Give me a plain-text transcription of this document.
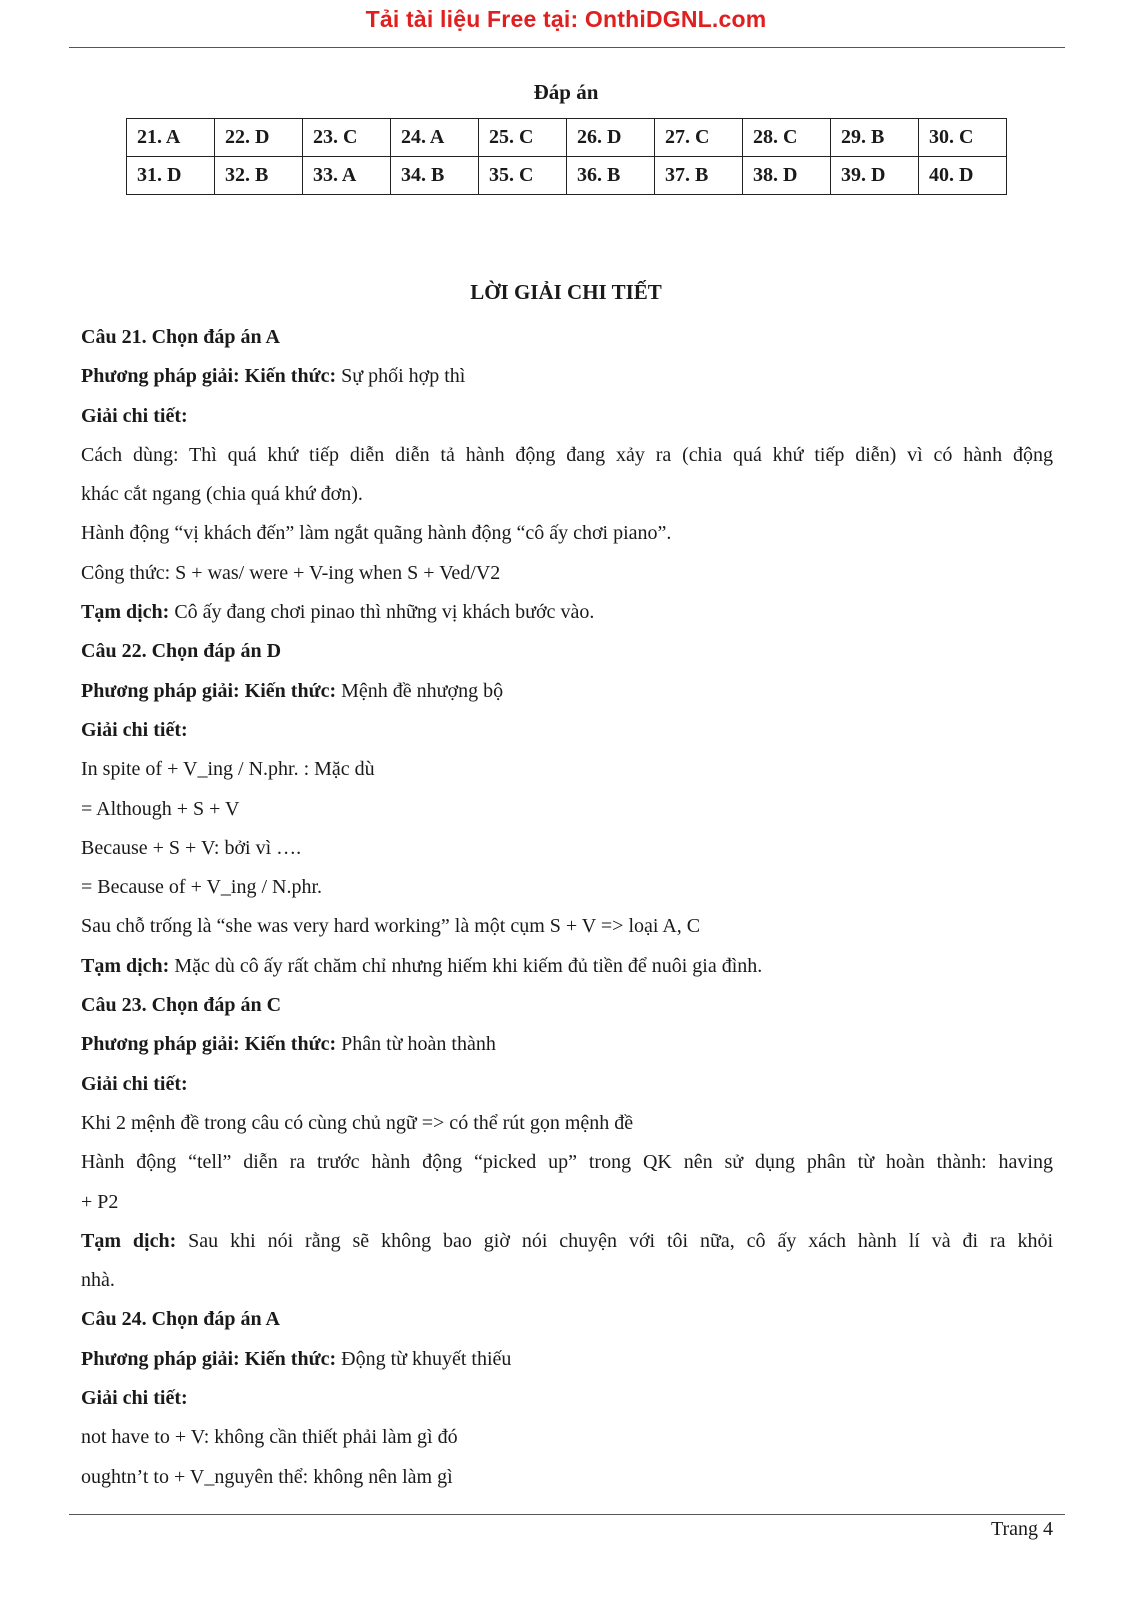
Tải tài liệu Free tại: OnthiDGNL.com
Đáp án
21. A	22. D	23. C	24. A	25. C	26. D	27. C	28. C	29. B	30. C
31. D	32. B	33. A	34. B	35. C	36. B	37. B	38. D	39. D	40. D
LỜI GIẢI CHI TIẾT
Câu 21. Chọn đáp án A
Phương pháp giải: Kiến thức: Sự phối hợp thì
Giải chi tiết:
Cách dùng: Thì quá khứ tiếp diễn diễn tả hành động đang xảy ra (chia quá khứ tiếp diễn) vì có hành động
khác cắt ngang (chia quá khứ đơn).
Hành động “vị khách đến” làm ngắt quãng hành động “cô ấy chơi piano”.
Công thức: S + was/ were + V-ing when S + Ved/V2
Tạm dịch: Cô ấy đang chơi pinao thì những vị khách bước vào.
Câu 22. Chọn đáp án D
Phương pháp giải: Kiến thức: Mệnh đề nhượng bộ
Giải chi tiết:
In spite of + V_ing / N.phr. : Mặc dù
= Although + S + V
Because + S + V: bởi vì ….
= Because of + V_ing / N.phr.
Sau chỗ trống là “she was very hard working” là một cụm S + V => loại A, C
Tạm dịch: Mặc dù cô ấy rất chăm chỉ nhưng hiếm khi kiếm đủ tiền để nuôi gia đình.
Câu 23. Chọn đáp án C
Phương pháp giải: Kiến thức: Phân từ hoàn thành
Giải chi tiết:
Khi 2 mệnh đề trong câu có cùng chủ ngữ => có thể rút gọn mệnh đề
Hành động “tell” diễn ra trước hành động “picked up” trong QK nên sử dụng phân từ hoàn thành: having
+ P2
Tạm dịch: Sau khi nói rằng sẽ không bao giờ nói chuyện với tôi nữa, cô ấy xách hành lí và đi ra khỏi
nhà.
Câu 24. Chọn đáp án A
Phương pháp giải: Kiến thức: Động từ khuyết thiếu
Giải chi tiết:
not have to + V: không cần thiết phải làm gì đó
oughtn’t to + V_nguyên thể: không nên làm gì
Trang 4
